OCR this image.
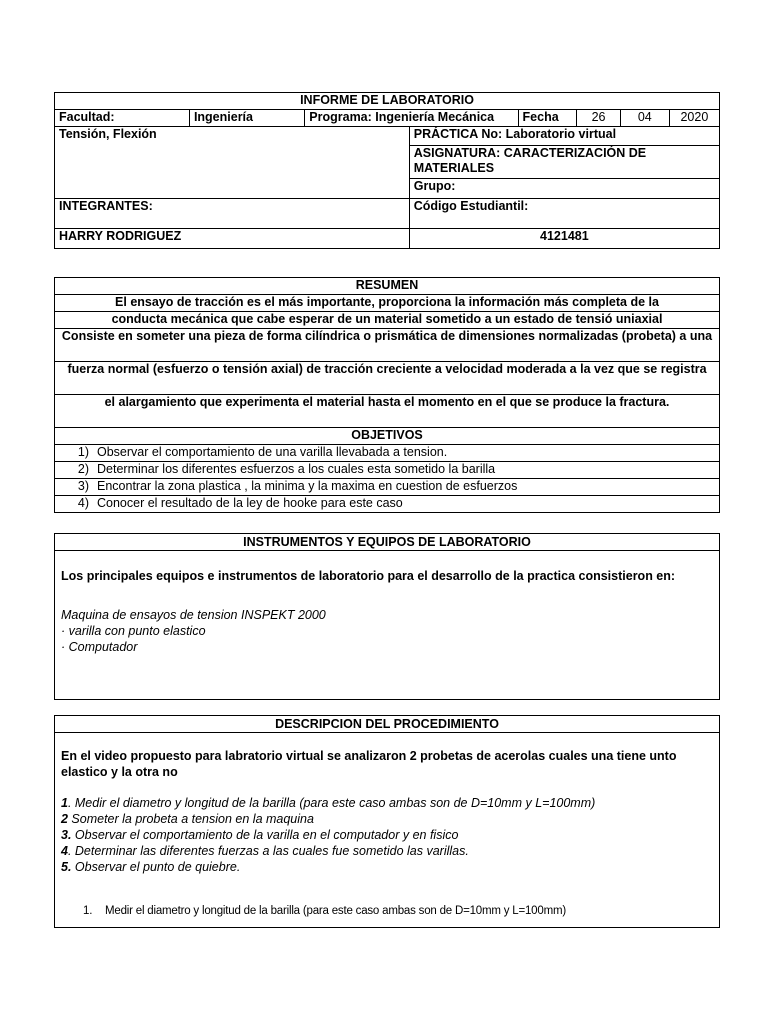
INFORME DE LABORATORIO							
Facultad:	Ingeniería	Programa: Ingeniería Mecánica		Fecha	26	04	2020
Tensión, Flexión			PRÁCTICA No: Laboratorio virtual				
			ASIGNATURA: CARACTERIZACIÓN DE MATERIALES				
			Grupo:				
INTEGRANTES:			Código Estudiantil:				
HARRY RODRIGUEZ			4121481				
RESUMEN
El ensayo de tracción es el más importante, proporciona la información más completa de la
conducta mecánica que cabe esperar de un material sometido a un estado de tensió uniaxial
Consiste en someter una pieza de forma cilíndrica o prismática de dimensiones normalizadas (probeta) a una
fuerza normal (esfuerzo o tensión axial) de tracción creciente a velocidad moderada a la vez que se registra
el alargamiento que experimenta el material hasta el momento en el que se produce la fractura.
OBJETIVOS

1) Observar el comportamiento de una varilla llevabada a tension.

2) Determinar los diferentes esfuerzos a los cuales esta sometido la barilla

3) Encontrar la zona plastica , la minima y la maxima en cuestion de esfuerzos

4) Conocer el resultado de la ley de hooke para este caso
INSTRUMENTOS Y EQUIPOS DE LABORATORIO
Los principales equipos e instrumentos de laboratorio para el desarrollo de la practica consistieron en:
Maquina de ensayos de tension INSPEKT 2000
· varilla con punto elastico
· Computador
DESCRIPCION DEL PROCEDIMIENTO
En el video propuesto para labratorio virtual se analizaron 2 probetas de acerolas cuales una tiene unto elastico y la otra no
1. Medir el diametro y longitud de la barilla (para este caso ambas son de D=10mm y L=100mm)
2 Someter la probeta a tension en la maquina
3. Observar el comportamiento de la varilla en el computador y en fisico
4. Determinar las diferentes fuerzas a las cuales fue sometido las varillas.
5. Observar el punto de quiebre.
1.	Medir el diametro y longitud de la barilla (para este caso ambas son de D=10mm y L=100mm)
